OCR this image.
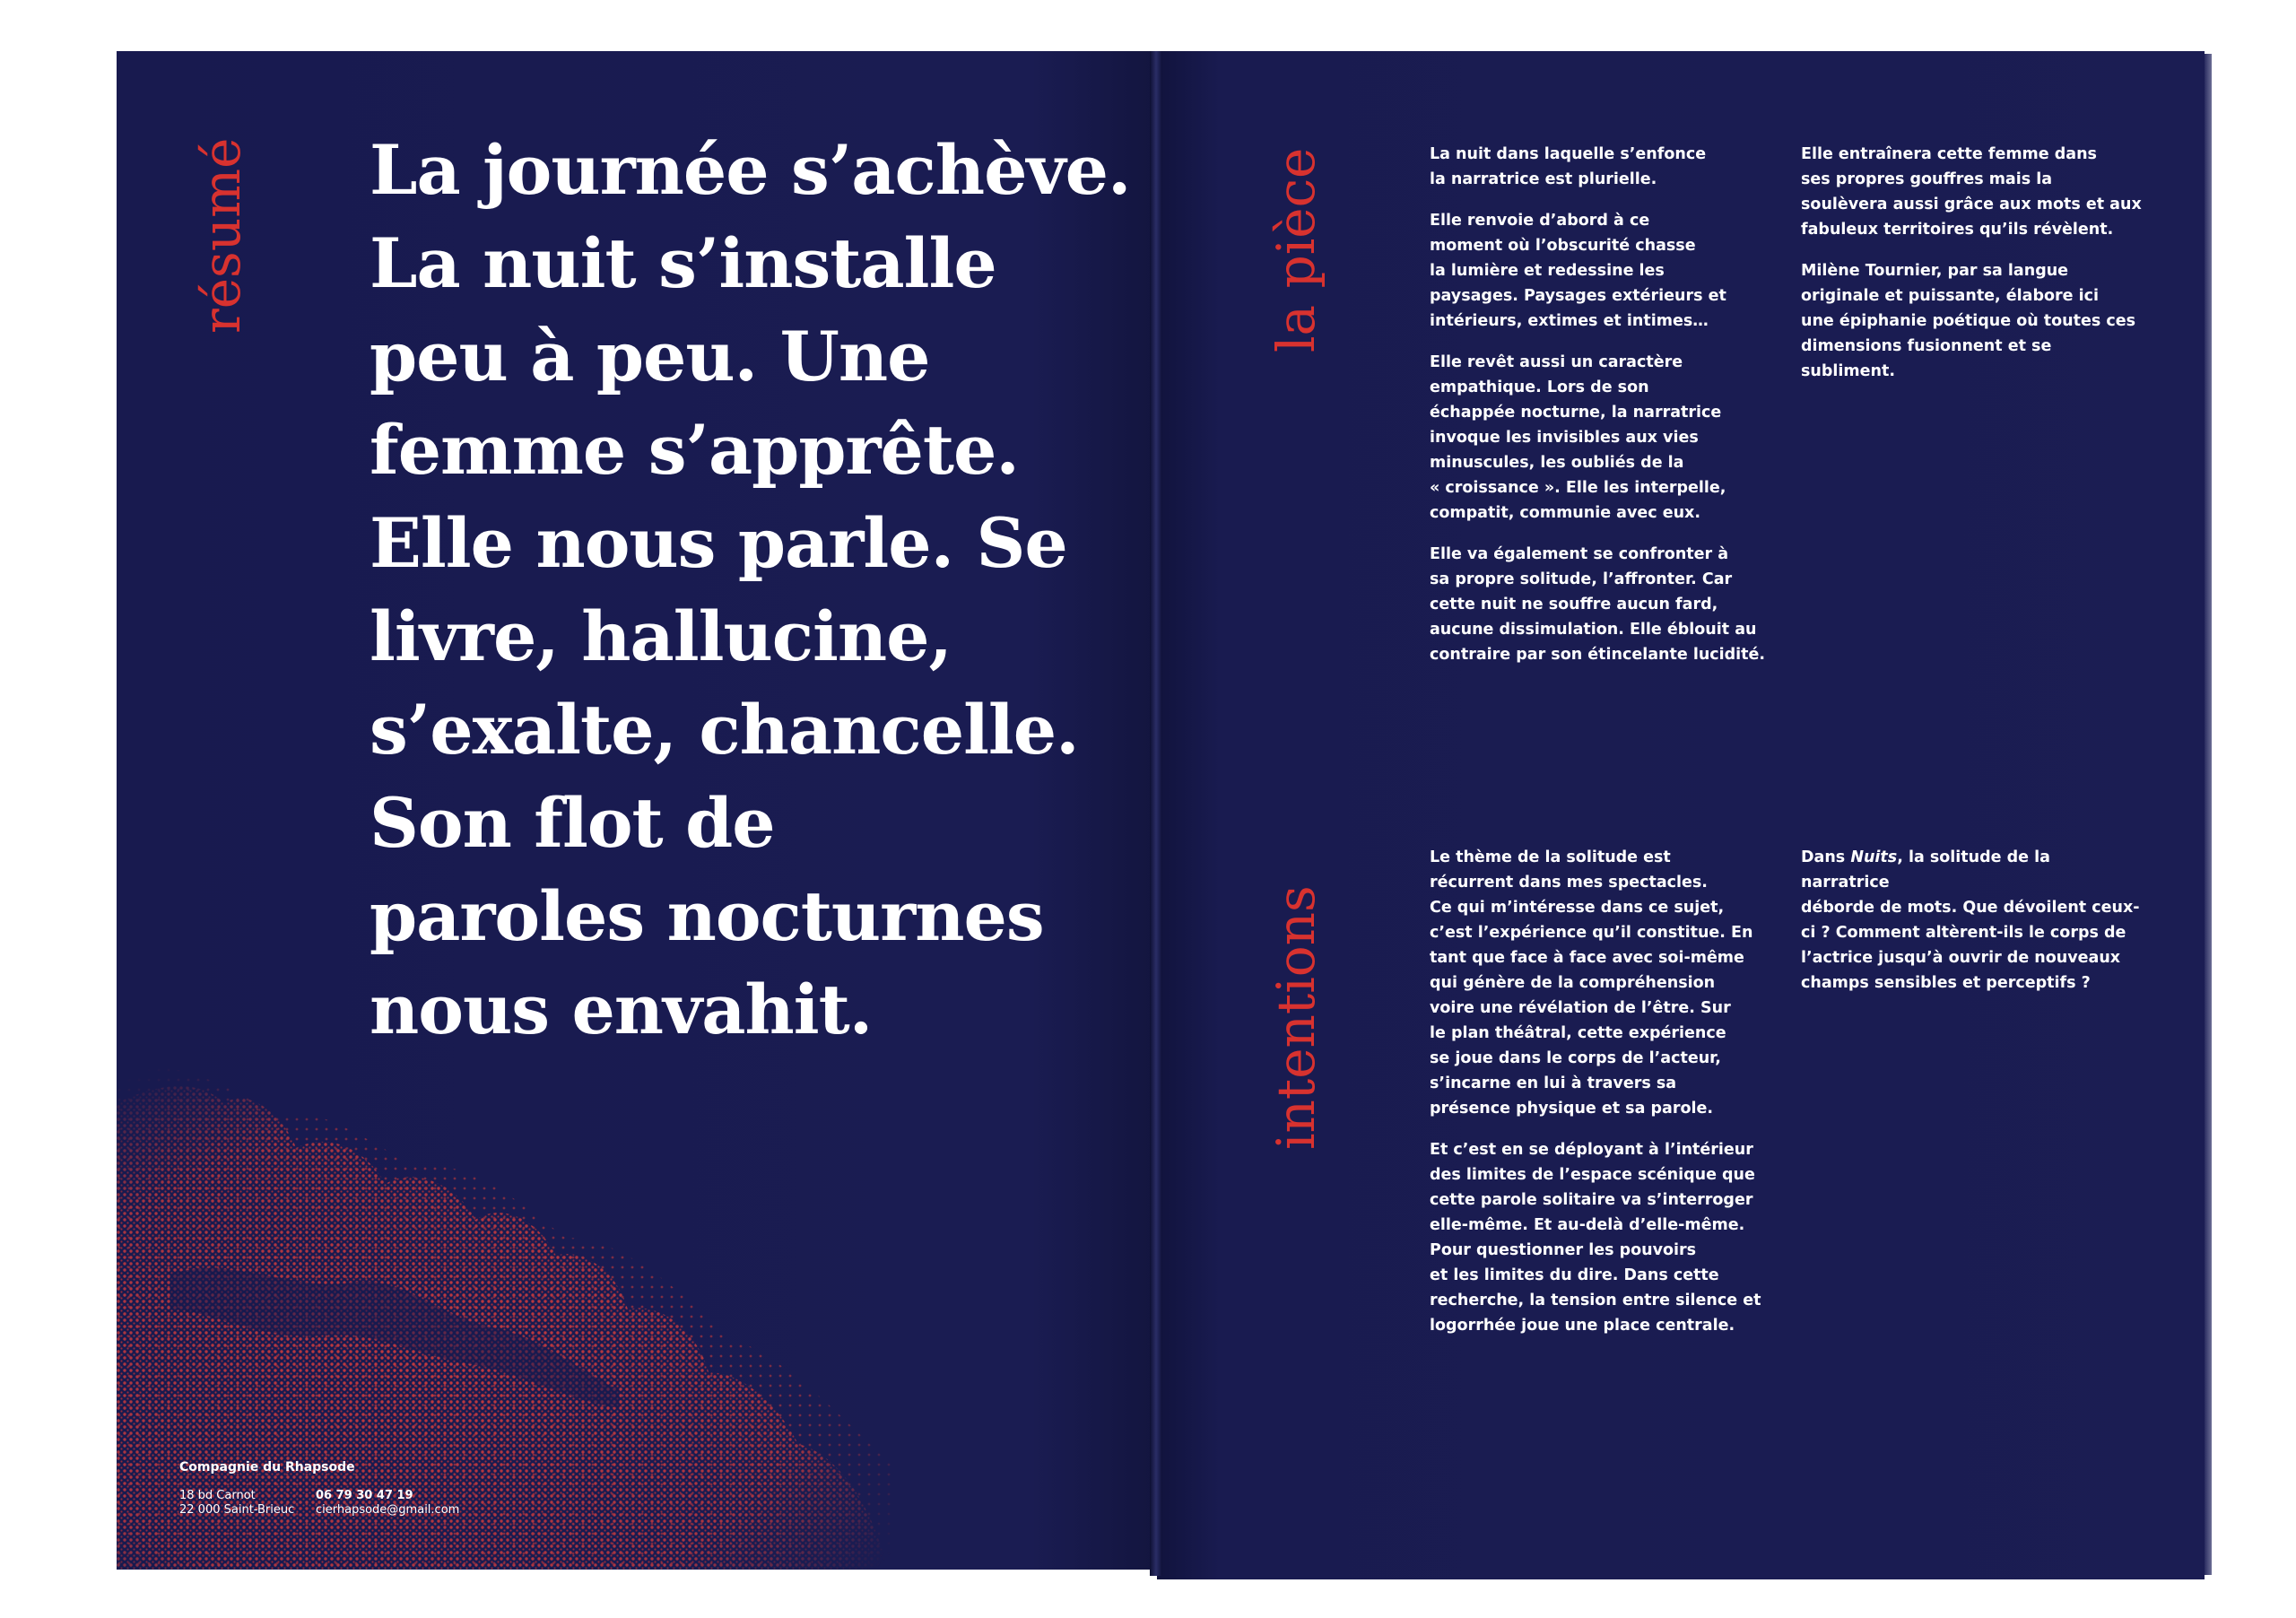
résumé La journée s’achève.
La nuit s’installe
peu à peu. Une
femme s’apprête.
Elle nous parle. Se
livre, hallucine,
s’exalte, chancelle.
Son flot de
paroles nocturnes
nous envahit.
Compagnie du Rhapsode
18 bd Carnot
22 000 Saint-Brieuc
06 79 30 47 19
cierhapsode@gmail.com
la pièce	La nuit dans laquelle s’enfonce
la narratrice est plurielle.

Elle renvoie d’abord à ce
moment où l’obscurité chasse
la lumière et redessine les
paysages. Paysages extérieurs et
intérieurs, extimes et intimes…

Elle revêt aussi un caractère
empathique. Lors de son
échappée nocturne, la narratrice
invoque les invisibles aux vies
minuscules, les oubliés de la
« croissance ». Elle les interpelle,
compatit, communie avec eux.

Elle va également se confronter à
sa propre solitude, l’affronter. Car
cette nuit ne souffre aucun fard,
aucune dissimulation. Elle éblouit au
contraire par son étincelante lucidité.

Elle entraînera cette femme dans
ses propres gouffres mais la
soulèvera aussi grâce aux mots et aux
fabuleux territoires qu’ils révèlent.

Milène Tournier, par sa langue
originale et puissante, élabore ici
une épiphanie poétique où toutes ces
dimensions fusionnent et se subliment.

intentions

Le thème de la solitude est
récurrent dans mes spectacles.
Ce qui m’intéresse dans ce sujet,
c’est l’expérience qu’il constitue. En
tant que face à face avec soi-même
qui génère de la compréhension
voire une révélation de l’être. Sur
le plan théâtral, cette expérience
se joue dans le corps de l’acteur,
s’incarne en lui à travers sa
présence physique et sa parole.

Et c’est en se déployant à l’intérieur
des limites de l’espace scénique que
cette parole solitaire va s’interroger
elle-même. Et au-delà d’elle-même.
Pour questionner les pouvoirs
et les limites du dire. Dans cette
recherche, la tension entre silence et
logorrhée joue une place centrale.

Dans Nuits, la solitude de la narratrice
déborde de mots. Que dévoilent ceux-
ci ? Comment altèrent-ils le corps de
l’actrice jusqu’à ouvrir de nouveaux
champs sensibles et perceptifs ?
